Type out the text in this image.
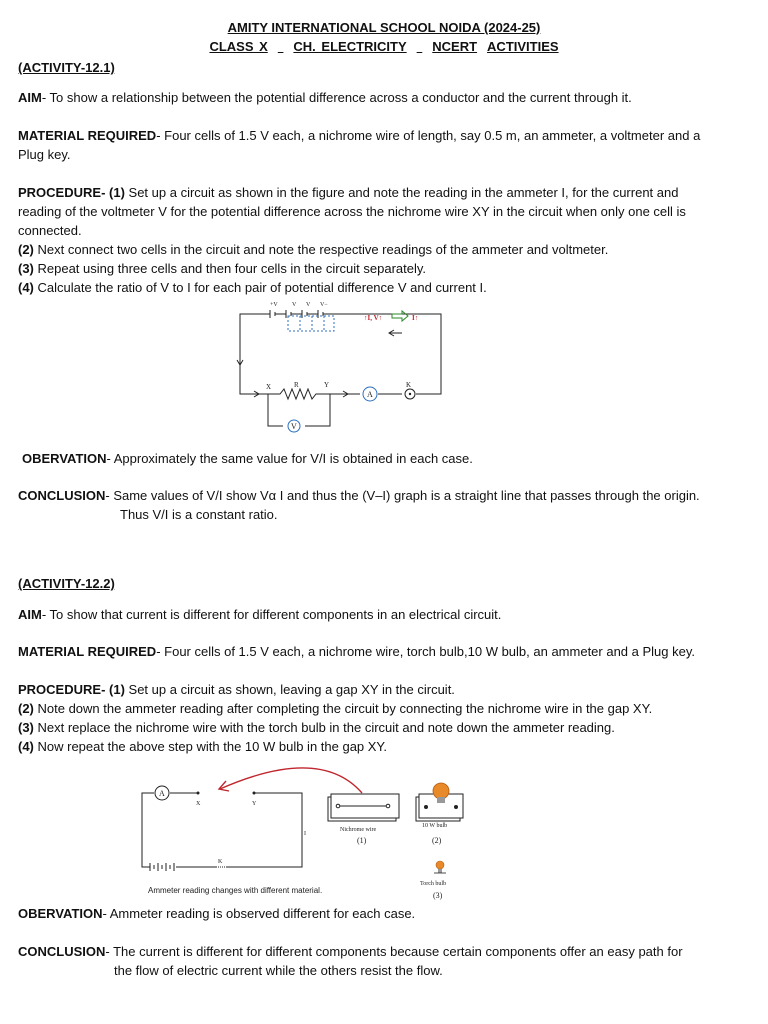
AMITY INTERNATIONAL SCHOOL NOIDA (2024-25)
CLASS X CH. ELECTRICITY NCERT ACTIVITIES
(ACTIVITY-12.1)
AIM- To show a relationship between the potential difference across a conductor and the current through it.
MATERIAL REQUIRED- Four cells of 1.5 V each, a nichrome wire of length, say 0.5 m, an ammeter, a voltmeter and a
Plug key.
PROCEDURE- (1) Set up a circuit as shown in the figure and note the reading in the ammeter I, for the current and
reading of the voltmeter V for the potential difference across the nichrome wire XY in the circuit when only one cell is
connected.
(2) Next connect two cells in the circuit and note the respective readings of the ammeter and voltmeter.
(3) Repeat using three cells and then four cells in the circuit separately.
(4) Calculate the ratio of V to I for each pair of potential difference V and current I.
+V V V V−
X	R	Y	K
↑I, V↑	I↑
A
V
OBERVATION- Approximately the same value for V/I is obtained in each case.
CONCLUSION- Same values of V/I show Vα I and thus the (V–I) graph is a straight line that passes through the origin.
Thus V/I is a constant ratio.
(ACTIVITY-12.2)
AIM- To show that current is different for different components in an electrical circuit.
MATERIAL REQUIRED- Four cells of 1.5 V each, a nichrome wire, torch bulb,10 W bulb, an ammeter and a Plug key.
PROCEDURE- (1) Set up a circuit as shown, leaving a gap XY in the circuit.
(2) Note down the ammeter reading after completing the circuit by connecting the nichrome wire in the gap XY.
(3) Next replace the nichrome wire with the torch bulb in the circuit and note down the ammeter reading.
(4) Now repeat the above step with the 10 W bulb in the gap XY.
A
X	Y
I
K
Nichrome wire
(1)
10 W bulb
(2)
Torch bulb
(3)
Ammeter reading changes with different material.
OBERVATION- Ammeter reading is observed different for each case.
CONCLUSION- The current is different for different components because certain components offer an easy path for
the flow of electric current while the others resist the flow.
